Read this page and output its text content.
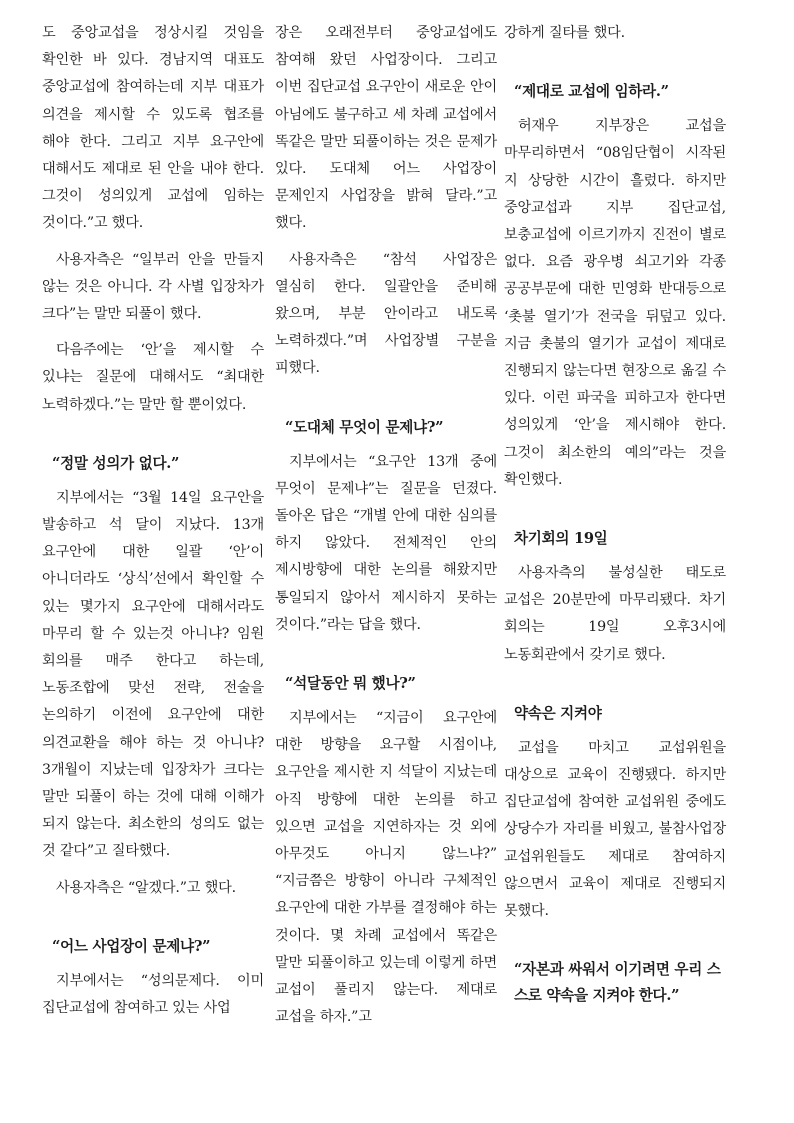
도 중앙교섭을 정상시킬 것임을 확인한 바 있다. 경남지역 대표도 중앙교섭에 참여하는데 지부 대표가 의견을 제시할 수 있도록 협조를 해야 한다. 그리고 지부 요구안에 대해서도 제대로 된 안을 내야 한다. 그것이 성의있게 교섭에 임하는 것이다.”고 했다.

사용자측은 “일부러 안을 만들지 않는 것은 아니다. 각 사별 입장차가 크다”는 말만 되풀이 했다.

다음주에는 ‘안’을 제시할 수 있냐는 질문에 대해서도 “최대한 노력하겠다.”는 말만 할 뿐이었다.

“정말 성의가 없다.”

지부에서는 “3월 14일 요구안을 발송하고 석 달이 지났다. 13개 요구안에 대한 일괄 ‘안’이 아니더라도 ‘상식’선에서 확인할 수 있는 몇가지 요구안에 대해서라도 마무리 할 수 있는것 아니냐? 임원 회의를 매주 한다고 하는데, 노동조합에 맞선 전략, 전술을 논의하기 이전에 요구안에 대한 의견교환을 해야 하는 것 아니냐? 3개월이 지났는데 입장차가 크다는 말만 되풀이 하는 것에 대해 이해가 되지 않는다. 최소한의 성의도 없는 것 같다”고 질타했다.

사용자측은 “알겠다.”고 했다.

“어느 사업장이 문제냐?”

지부에서는 “성의문제다. 이미 집단교섭에 참여하고 있는 사업

장은 오래전부터 중앙교섭에도 참여해 왔던 사업장이다. 그리고 이번 집단교섭 요구안이 새로운 안이 아님에도 불구하고 세 차례 교섭에서 똑같은 말만 되풀이하는 것은 문제가 있다. 도대체 어느 사업장이 문제인지 사업장을 밝혀 달라.”고 했다.

사용자측은 “참석 사업장은 열심히 한다. 일괄안을 준비해 왔으며, 부분 안이라고 내도록 노력하겠다.”며 사업장별 구분을 피했다.

“도대체 무엇이 문제냐?”

지부에서는 “요구안 13개 중에 무엇이 문제냐”는 질문을 던졌다. 돌아온 답은 “개별 안에 대한 심의를 하지 않았다. 전체적인 안의 제시방향에 대한 논의를 해왔지만 통일되지 않아서 제시하지 못하는 것이다.”라는 답을 했다.

“석달동안 뭐 했나?”

지부에서는 “지금이 요구안에 대한 방향을 요구할 시점이냐, 요구안을 제시한 지 석달이 지났는데 아직 방향에 대한 논의를 하고 있으면 교섭을 지연하자는 것 외에 아무것도 아니지 않느냐?” “지금쯤은 방향이 아니라 구체적인 요구안에 대한 가부를 결정해야 하는 것이다. 몇 차례 교섭에서 똑같은 말만 되풀이하고 있는데 이렇게 하면 교섭이 풀리지 않는다. 제대로 교섭을 하자.”고

강하게 질타를 했다.

“제대로 교섭에 임하라.”

허재우 지부장은 교섭을 마무리하면서 “08임단협이 시작된 지 상당한 시간이 흘렀다. 하지만 중앙교섭과 지부 집단교섭, 보충교섭에 이르기까지 진전이 별로 없다. 요즘 광우병 쇠고기와 각종 공공부문에 대한 민영화 반대등으로 ‘촛불 열기’가 전국을 뒤덮고 있다. 지금 촛불의 열기가 교섭이 제대로 진행되지 않는다면 현장으로 옮길 수 있다. 이런 파국을 피하고자 한다면 성의있게 ‘안’을 제시해야 한다. 그것이 최소한의 예의”라는 것을 확인했다.

차기회의 19일

사용자측의 불성실한 태도로 교섭은 20분만에 마무리됐다. 차기 회의는 19일 오후3시에 노동회관에서 갖기로 했다.

약속은 지켜야

교섭을 마치고 교섭위원을 대상으로 교육이 진행됐다. 하지만 집단교섭에 참여한 교섭위원 중에도 상당수가 자리를 비웠고, 불참사업장 교섭위원들도 제대로 참여하지 않으면서 교육이 제대로 진행되지 못했다.

“자본과 싸워서 이기려면 우리 스스로 약속을 지켜야 한다.”
